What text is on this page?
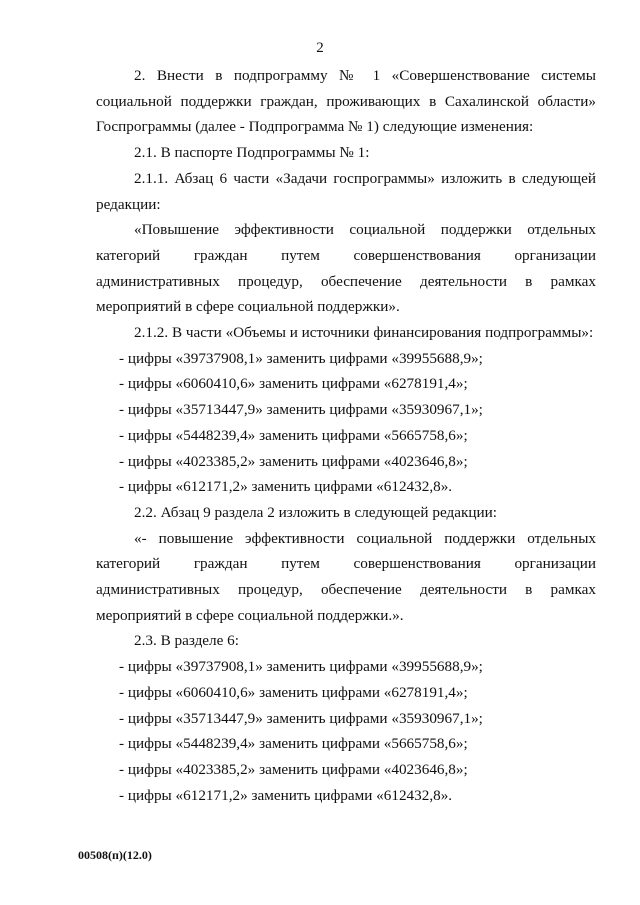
2

2. Внести в подпрограмму № 1 «Совершенствование системы социальной поддержки граждан, проживающих в Сахалинской области» Госпрограммы (далее - Подпрограмма № 1) следующие изменения:

2.1. В паспорте Подпрограммы № 1:

2.1.1. Абзац 6 части «Задачи госпрограммы» изложить в следующей редакции:

«Повышение эффективности социальной поддержки отдельных категорий граждан путем совершенствования организации административных процедур, обеспечение деятельности в рамках мероприятий в сфере социальной поддержки».

2.1.2. В части «Объемы и источники финансирования подпрограммы»:

- цифры «39737908,1» заменить цифрами «39955688,9»;

- цифры «6060410,6» заменить цифрами «6278191,4»;

- цифры «35713447,9» заменить цифрами «35930967,1»;

- цифры «5448239,4» заменить цифрами «5665758,6»;

- цифры «4023385,2» заменить цифрами «4023646,8»;

- цифры «612171,2» заменить цифрами «612432,8».

2.2. Абзац 9 раздела 2 изложить в следующей редакции:

«- повышение эффективности социальной поддержки отдельных категорий граждан путем совершенствования организации административных процедур, обеспечение деятельности в рамках мероприятий в сфере социальной поддержки.».

2.3. В разделе 6:

- цифры «39737908,1» заменить цифрами «39955688,9»;

- цифры «6060410,6» заменить цифрами «6278191,4»;

- цифры «35713447,9» заменить цифрами «35930967,1»;

- цифры «5448239,4» заменить цифрами «5665758,6»;

- цифры «4023385,2» заменить цифрами «4023646,8»;

- цифры «612171,2» заменить цифрами «612432,8».

00508(п)(12.0)
